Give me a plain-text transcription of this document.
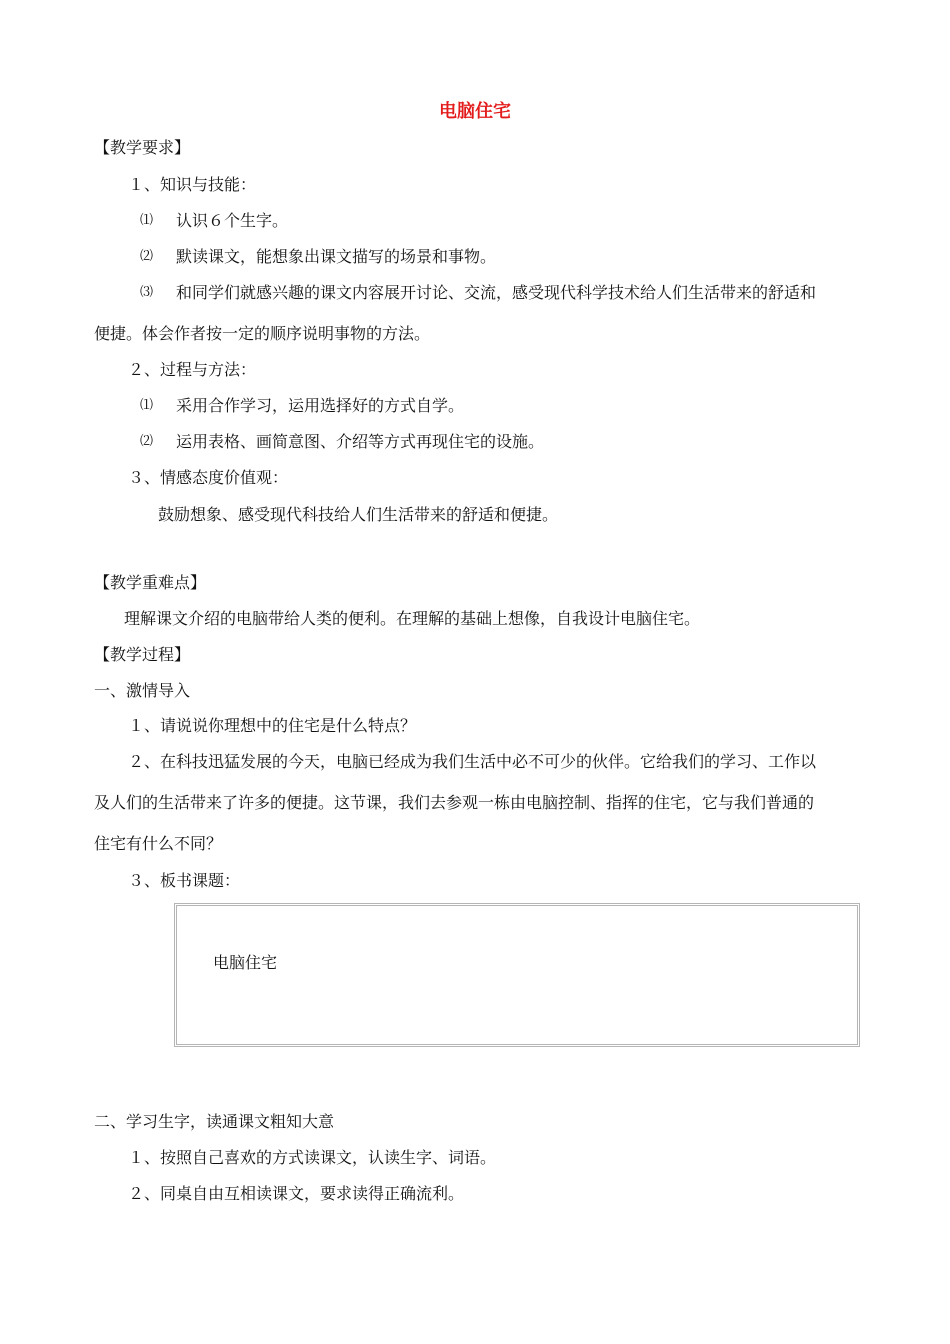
电脑住宅
【教学要求】
１、知识与技能：
⑴ 认识６个生字。
⑵ 默读课文，能想象出课文描写的场景和事物。
⑶ 和同学们就感兴趣的课文内容展开讨论、交流，感受现代科学技术给人们生活带来的舒适和
便捷。体会作者按一定的顺序说明事物的方法。
２、过程与方法：
⑴ 采用合作学习，运用选择好的方式自学。
⑵ 运用表格、画简意图、介绍等方式再现住宅的设施。
３、情感态度价值观：
鼓励想象、感受现代科技给人们生活带来的舒适和便捷。
【教学重难点】
理解课文介绍的电脑带给人类的便利。在理解的基础上想像，自我设计电脑住宅。
【教学过程】
一、激情导入
１、请说说你理想中的住宅是什么特点？
２、在科技迅猛发展的今天，电脑已经成为我们生活中必不可少的伙伴。它给我们的学习、工作以
及人们的生活带来了许多的便捷。这节课，我们去参观一栋由电脑控制、指挥的住宅，它与我们普通的
住宅有什么不同？
３、板书课题：
电脑住宅
二、学习生字，读通课文粗知大意
１、按照自己喜欢的方式读课文，认读生字、词语。
２、同桌自由互相读课文，要求读得正确流利。
